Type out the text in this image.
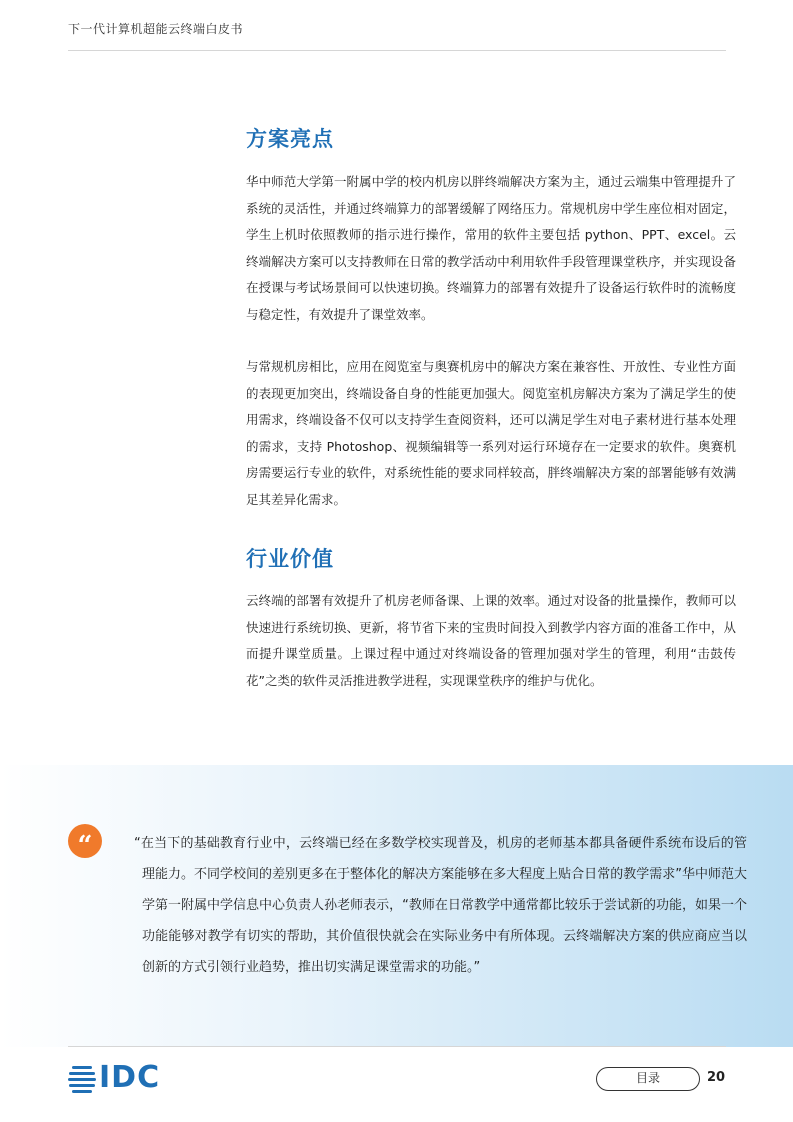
下一代计算机超能云终端白皮书
方案亮点

华中师范大学第一附属中学的校内机房以胖终端解决方案为主，通过云端集中管理提升了系统的灵活性，并通过终端算力的部署缓解了网络压力。常规机房中学生座位相对固定，学生上机时依照教师的指示进行操作，常用的软件主要包括 python、PPT、excel。云终端解决方案可以支持教师在日常的教学活动中利用软件手段管理课堂秩序，并实现设备在授课与考试场景间可以快速切换。终端算力的部署有效提升了设备运行软件时的流畅度与稳定性，有效提升了课堂效率。

与常规机房相比，应用在阅览室与奥赛机房中的解决方案在兼容性、开放性、专业性方面的表现更加突出，终端设备自身的性能更加强大。阅览室机房解决方案为了满足学生的使用需求，终端设备不仅可以支持学生查阅资料，还可以满足学生对电子素材进行基本处理的需求，支持 Photoshop、视频编辑等一系列对运行环境存在一定要求的软件。奥赛机房需要运行专业的软件，对系统性能的要求同样较高，胖终端解决方案的部署能够有效满足其差异化需求。

行业价值

云终端的部署有效提升了机房老师备课、上课的效率。通过对设备的批量操作，教师可以快速进行系统切换、更新，将节省下来的宝贵时间投入到教学内容方面的准备工作中，从而提升课堂质量。上课过程中通过对终端设备的管理加强对学生的管理，利用“击鼓传花”之类的软件灵活推进教学进程，实现课堂秩序的维护与优化。

“	“在当下的基础教育行业中，云终端已经在多数学校实现普及，机房的老师基本都具备硬件系统布设后的管理能力。不同学校间的差别更多在于整体化的解决方案能够在多大程度上贴合日常的教学需求”华中师范大学第一附属中学信息中心负责人孙老师表示，“教师在日常教学中通常都比较乐于尝试新的功能，如果一个功能能够对教学有切实的帮助，其价值很快就会在实际业务中有所体现。云终端解决方案的供应商应当以创新的方式引领行业趋势，推出切实满足课堂需求的功能。”

IDC	目录	20
